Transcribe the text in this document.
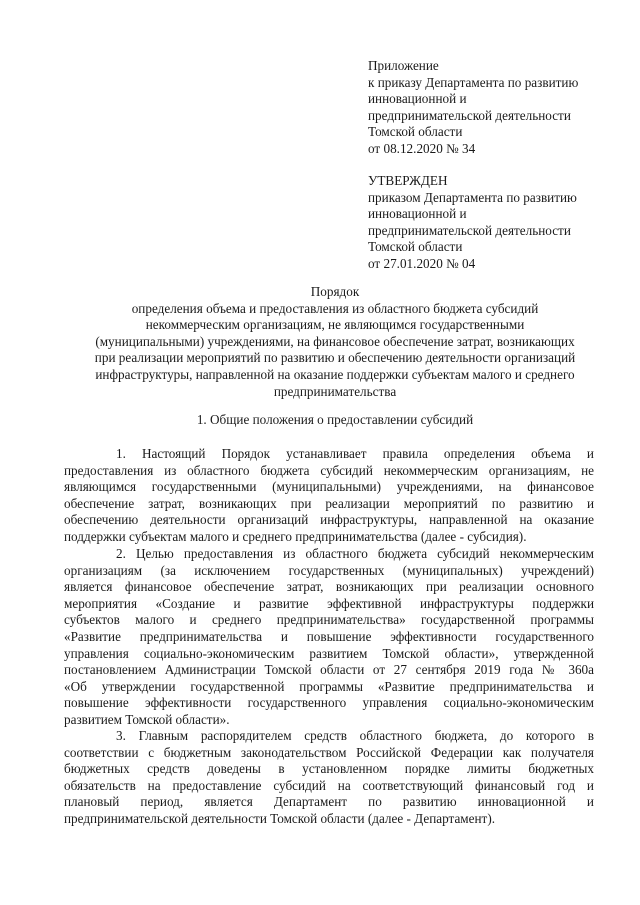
Приложение
к приказу Департамента по развитию
инновационной и
предпринимательской деятельности
Томской области
от 08.12.2020 № 34
УТВЕРЖДЕН
приказом Департамента по развитию
инновационной и
предпринимательской деятельности
Томской области
от 27.01.2020 № 04
Порядок
определения объема и предоставления из областного бюджета субсидий
некоммерческим организациям, не являющимся государственными
(муниципальными) учреждениями, на финансовое обеспечение затрат, возникающих
при реализации мероприятий по развитию и обеспечению деятельности организаций
инфраструктуры, направленной на оказание поддержки субъектам малого и среднего
предпринимательства
1. Общие положения о предоставлении субсидий
1. Настоящий Порядок устанавливает правила определения объема и
предоставления из областного бюджета субсидий некоммерческим организациям, не
являющимся государственными (муниципальными) учреждениями, на финансовое
обеспечение затрат, возникающих при реализации мероприятий по развитию и
обеспечению деятельности организаций инфраструктуры, направленной на оказание
поддержки субъектам малого и среднего предпринимательства (далее - субсидия).
2. Целью предоставления из областного бюджета субсидий некоммерческим
организациям (за исключением государственных (муниципальных) учреждений)
является финансовое обеспечение затрат, возникающих при реализации основного
мероприятия «Создание и развитие эффективной инфраструктуры поддержки
субъектов малого и среднего предпринимательства» государственной программы
«Развитие предпринимательства и повышение эффективности государственного
управления социально-экономическим развитием Томской области», утвержденной
постановлением Администрации Томской области от 27 сентября 2019 года № 360а
«Об утверждении государственной программы «Развитие предпринимательства и
повышение эффективности государственного управления социально-экономическим
развитием Томской области».
3. Главным распорядителем средств областного бюджета, до которого в
соответствии с бюджетным законодательством Российской Федерации как получателя
бюджетных средств доведены в установленном порядке лимиты бюджетных
обязательств на предоставление субсидий на соответствующий финансовый год и
плановый период, является Департамент по развитию инновационной и
предпринимательской деятельности Томской области (далее - Департамент).
